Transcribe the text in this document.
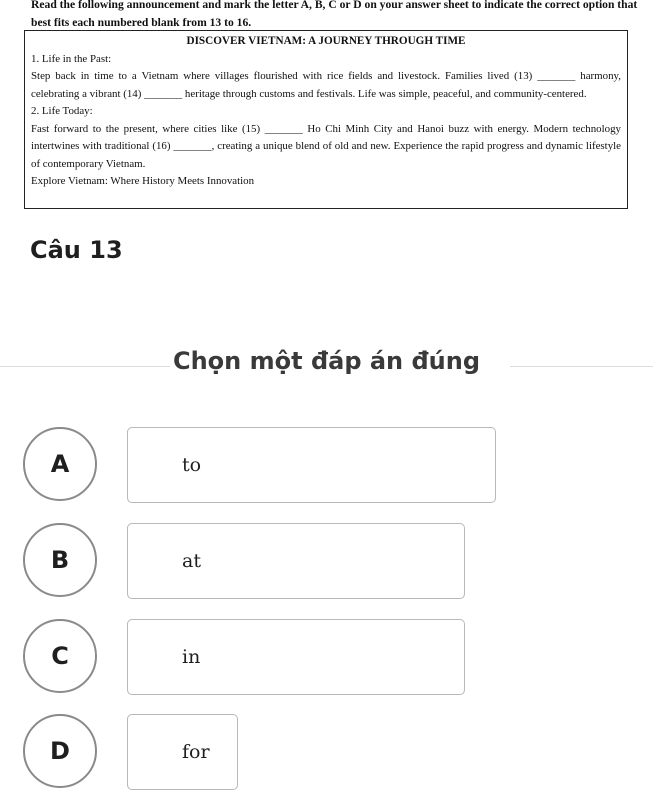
Read the following announcement and mark the letter A, B, C or D on your answer sheet to indicate the correct option that best fits each numbered blank from 13 to 16.
DISCOVER VIETNAM: A JOURNEY THROUGH TIME

1. Life in the Past:

Step back in time to a Vietnam where villages flourished with rice fields and livestock. Families lived (13) _______ harmony, celebrating a vibrant (14) _______ heritage through customs and festivals. Life was simple, peaceful, and community-centered.

2. Life Today:

Fast forward to the present, where cities like (15) _______ Ho Chi Minh City and Hanoi buzz with energy. Modern technology intertwines with traditional (16) _______, creating a unique blend of old and new. Experience the rapid progress and dynamic lifestyle of contemporary Vietnam.

Explore Vietnam: Where History Meets Innovation

Câu 13
Chọn một đáp án đúng
A	to
B	at
C	in
D	for
